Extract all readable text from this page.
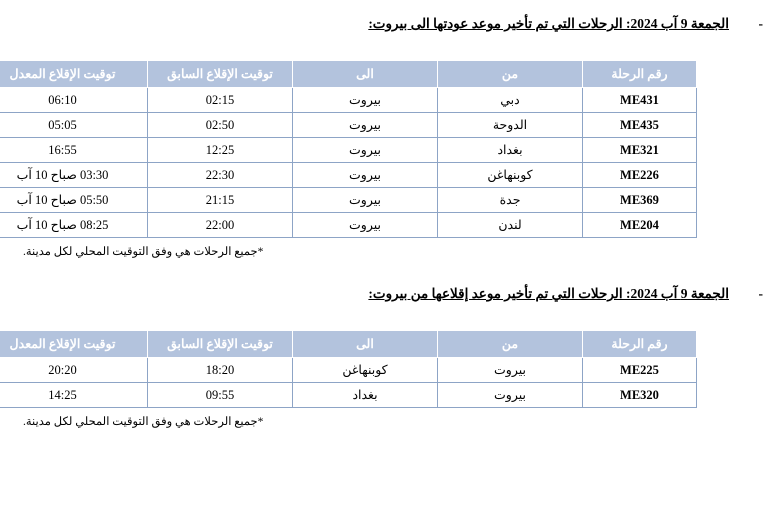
-
الجمعة 9 آب 2024: الرحلات التي تم تأخير موعد عودتها الى بيروت:
رقم الرحلة	من	الى	توقيت الإقلاع السابق	توقيت الإقلاع المعدل
ME431	دبي	بيروت	02:15	06:10
ME435	الدوحة	بيروت	02:50	05:05
ME321	بغداد	بيروت	12:25	16:55
ME226	كوبنهاغن	بيروت	22:30	03:30 صباح 10 آب
ME369	جدة	بيروت	21:15	05:50 صباح 10 آب
ME204	لندن	بيروت	22:00	08:25 صباح 10 آب
*جميع الرحلات هي وفق التوقيت المحلي لكل مدينة.
-
الجمعة 9 آب 2024: الرحلات التي تم تأخير موعد إقلاعها من بيروت:
رقم الرحلة	من	الى	توقيت الإقلاع السابق	توقيت الإقلاع المعدل
ME225	بيروت	كوبنهاغن	18:20	20:20
ME320	بيروت	بغداد	09:55	14:25
*جميع الرحلات هي وفق التوقيت المحلي لكل مدينة.
